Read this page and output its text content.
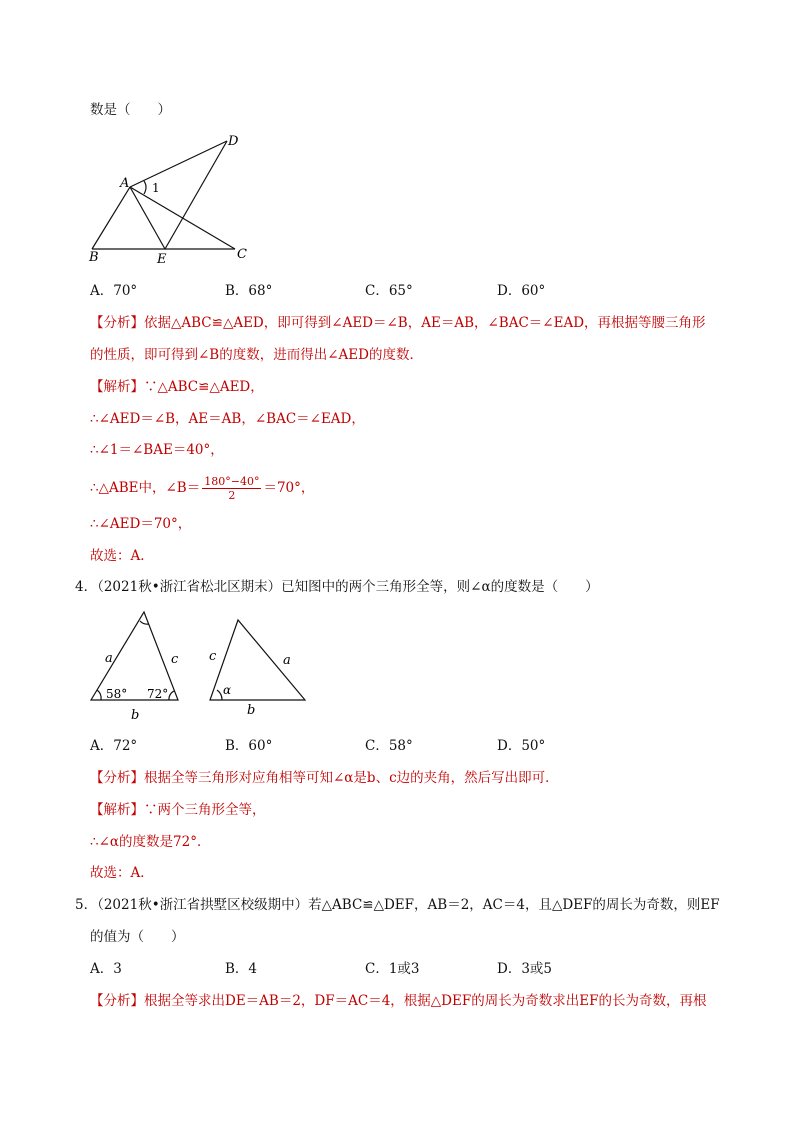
数是（　　）
A
B	C
D
E
1
A．70°	B．68°	C．65°	D．60°
【分析】依据△ABC≌△AED，即可得到∠AED＝∠B，AE＝AB，∠BAC＝∠EAD，再根据等腰三角形
的性质，即可得到∠B的度数，进而得出∠AED的度数．
【解析】∵△ABC≌△AED，
∴∠AED＝∠B，AE＝AB，∠BAC＝∠EAD，
∴∠1＝∠BAE＝40°，
∴△ABE中，∠B＝ $\frac{180^\circ-40^\circ}{2} =70^\circ$，
∴∠AED＝70°，
故选：A．
4．（2021秋•浙江省松北区期末）已知图中的两个三角形全等，则∠α的度数是（　　）
a	c
b
58° 72°
c	a
b
α
A．72°	B．60°	C．58°	D．50°
【分析】根据全等三角形对应角相等可知∠α是b、c边的夹角，然后写出即可．
【解析】∵两个三角形全等，
∴∠α的度数是72°．
故选：A．
5．（2021秋•浙江省拱墅区校级期中）若△ABC≌△DEF，AB＝2，AC＝4，且△DEF的周长为奇数，则EF
的值为（　　）
A．3	B．4	C．1或3	D．3或5
【分析】根据全等求出DE＝AB＝2，DF＝AC＝4，根据△DEF的周长为奇数求出EF的长为奇数，再根
